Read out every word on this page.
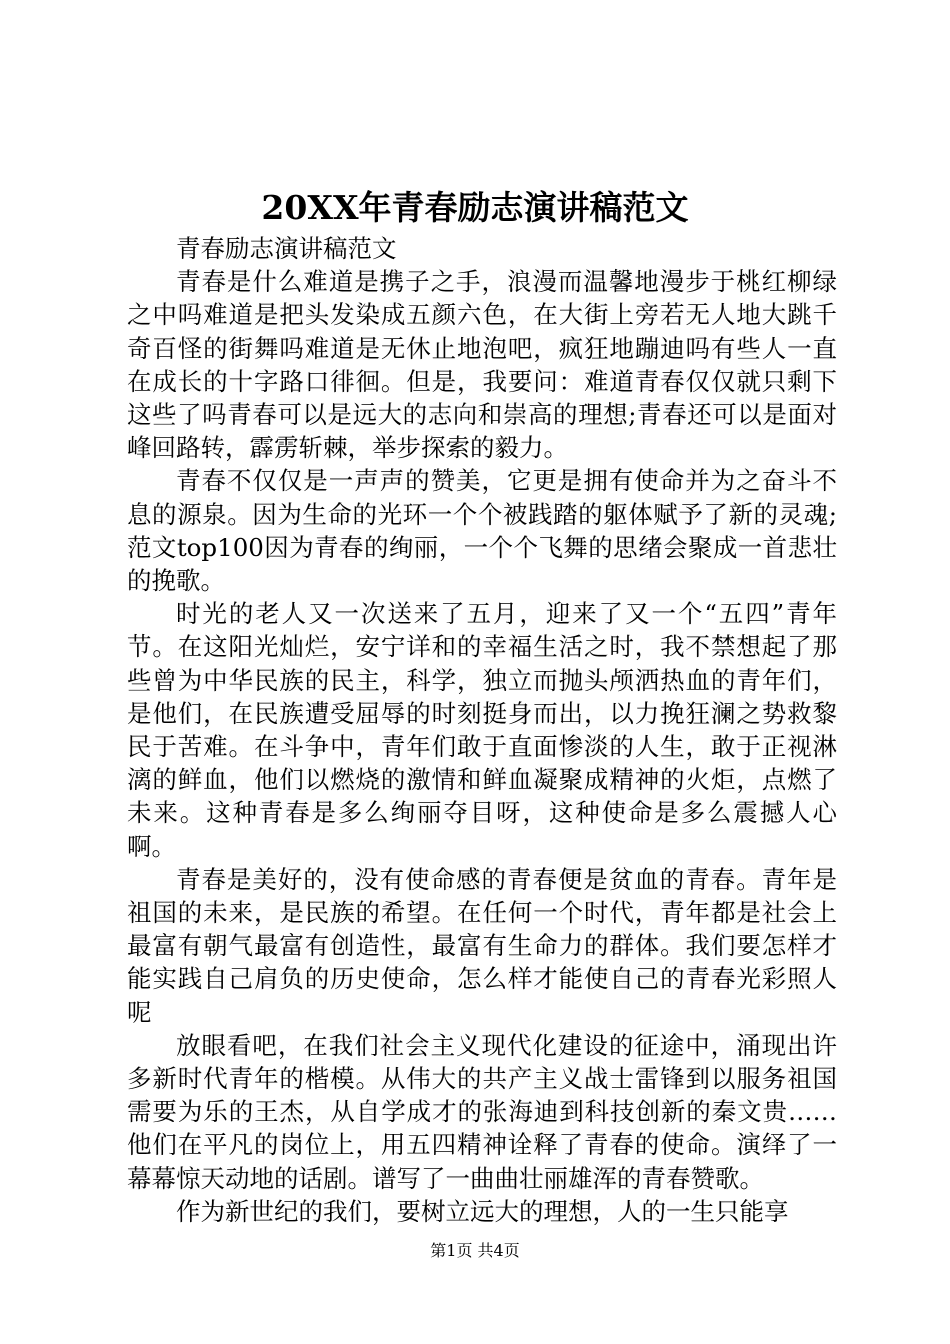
20XX年青春励志演讲稿范文

青春励志演讲稿范文

青春是什么难道是携子之手，浪漫而温馨地漫步于桃红柳绿之中吗难道是把头发染成五颜六色，在大街上旁若无人地大跳千奇百怪的街舞吗难道是无休止地泡吧，疯狂地蹦迪吗有些人一直在成长的十字路口徘徊。但是，我要问：难道青春仅仅就只剩下这些了吗青春可以是远大的志向和崇高的理想;青春还可以是面对峰回路转，霹雳斩棘，举步探索的毅力。

青春不仅仅是一声声的赞美，它更是拥有使命并为之奋斗不息的源泉。因为生命的光环一个个被践踏的躯体赋予了新的灵魂;范文top100因为青春的绚丽，一个个飞舞的思绪会聚成一首悲壮的挽歌。

时光的老人又一次送来了五月，迎来了又一个“五四”青年节。在这阳光灿烂，安宁详和的幸福生活之时，我不禁想起了那些曾为中华民族的民主，科学，独立而抛头颅洒热血的青年们，是他们，在民族遭受屈辱的时刻挺身而出，以力挽狂澜之势救黎民于苦难。在斗争中，青年们敢于直面惨淡的人生，敢于正视淋漓的鲜血，他们以燃烧的激情和鲜血凝聚成精神的火炬，点燃了未来。这种青春是多么绚丽夺目呀，这种使命是多么震撼人心啊。

青春是美好的，没有使命感的青春便是贫血的青春。青年是祖国的未来，是民族的希望。在任何一个时代，青年都是社会上最富有朝气最富有创造性，最富有生命力的群体。我们要怎样才能实践自己肩负的历史使命，怎么样才能使自己的青春光彩照人呢

放眼看吧，在我们社会主义现代化建设的征途中，涌现出许多新时代青年的楷模。从伟大的共产主义战士雷锋到以服务祖国需要为乐的王杰，从自学成才的张海迪到科技创新的秦文贵……他们在平凡的岗位上，用五四精神诠释了青春的使命。演绎了一幕幕惊天动地的话剧。谱写了一曲曲壮丽雄浑的青春赞歌。

作为新世纪的我们，要树立远大的理想，人的一生只能享

第1页 共4页
